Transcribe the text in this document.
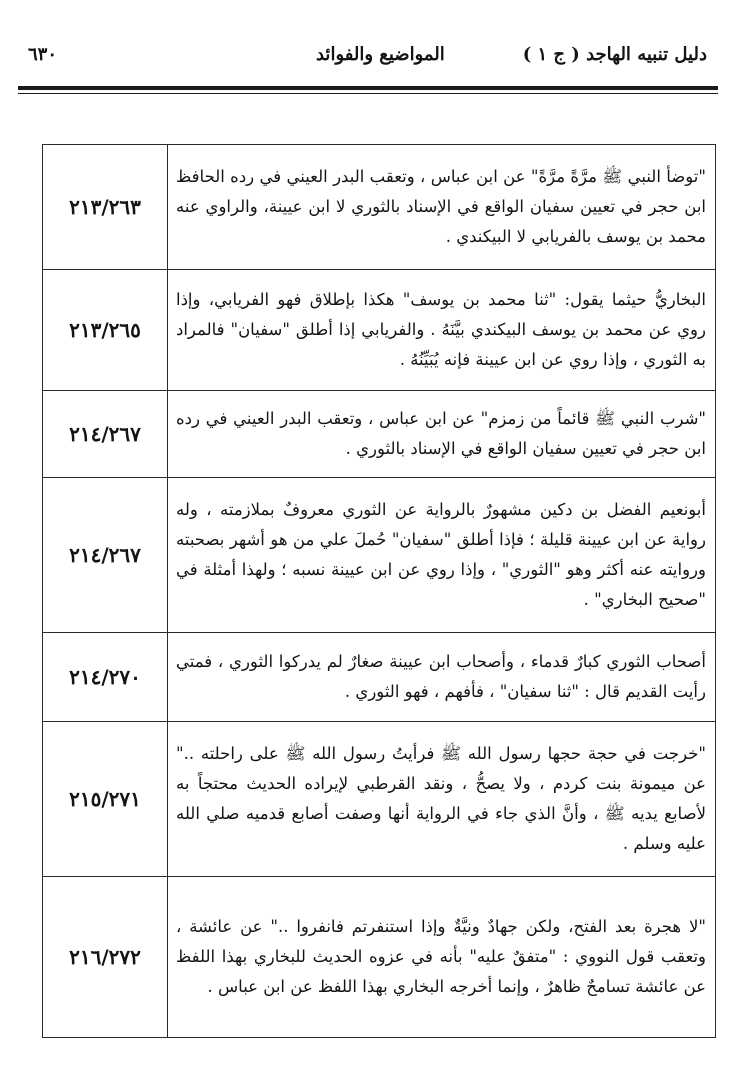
دليل تنبيه الهاجد ( ج ١ )
المواضيع والفوائد
٦٣٠
"توضأ النبي ﷺ مرَّةً مرَّةً" عن ابن عباس ، وتعقب البدر العيني في رده الحافظ ابن حجر في تعيين سفيان الواقع في الإسناد بالثوري لا ابن عيينة، والراوي عنه محمد بن يوسف بالفريابي لا البيكندي .	٢١٣/٢٦٣
البخاريُّ حيثما يقول: "ثنا محمد بن يوسف" هكذا بإطلاق فهو الفريابي، وإذا روي عن محمد بن يوسف البيكندي بيَّنَهُ . والفريابي إذا أطلق "سفيان" فالمراد به الثوري ، وإذا روي عن ابن عيينة فإنه يُبَيِّنُهُ .	٢١٣/٢٦٥
"شرب النبي ﷺ قائماً من زمزم" عن ابن عباس ، وتعقب البدر العيني في رده ابن حجر في تعيين سفيان الواقع في الإسناد بالثوري .	٢١٤/٢٦٧
أبونعيم الفضل بن دكين مشهورٌ بالرواية عن الثوري معروفٌ بملازمته ، وله رواية عن ابن عيينة قليلة ؛ فإذا أطلق "سفيان" حُملَ علي من هو أشهر بصحبته وروايته عنه أكثر وهو "الثوري" ، وإذا روي عن ابن عيينة نسبه ؛ ولهذا أمثلة في "صحيح البخاري" .	٢١٤/٢٦٧
أصحاب الثوري كبارٌ قدماء ، وأصحاب ابن عيينة صغارٌ لم يدركوا الثوري ، فمتي رأيت القديم قال : "ثنا سفيان" ، فأفهم ، فهو الثوري .	٢١٤/٢٧٠
"خرجت في حجة حجها رسول الله ﷺ فرأيتُ رسول الله ﷺ على راحلته .." عن ميمونة بنت كردم ، ولا يصحُّ ، ونقد القرطبي لإيراده الحديث محتجاً به لأصابع يديه ﷺ ، وأنَّ الذي جاء في الرواية أنها وصفت أصابع قدميه صلي الله عليه وسلم .	٢١٥/٢٧١
"لا هجرة بعد الفتح، ولكن جهادٌ ونيَّةٌ وإذا استنفرتم فانفروا .." عن عائشة ، وتعقب قول النووي : "متفقٌ عليه" بأنه في عزوه الحديث للبخاري بهذا اللفظ عن عائشة تسامحٌ ظاهرٌ ، وإنما أخرجه البخاري بهذا اللفظ عن ابن عباس .	٢١٦/٢٧٢
